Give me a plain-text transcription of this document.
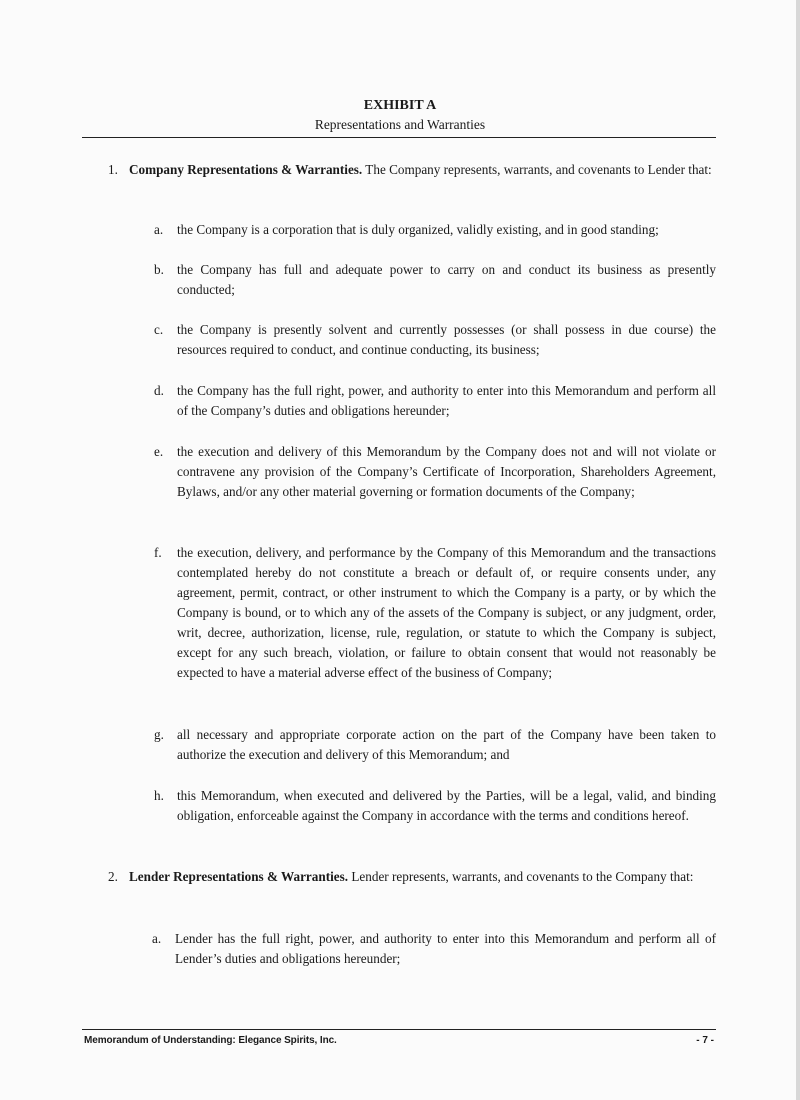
EXHIBIT A
Representations and Warranties
1. Company Representations & Warranties. The Company represents, warrants, and covenants to Lender that:
a. the Company is a corporation that is duly organized, validly existing, and in good standing;
b. the Company has full and adequate power to carry on and conduct its business as presently conducted;
c. the Company is presently solvent and currently possesses (or shall possess in due course) the resources required to conduct, and continue conducting, its business;
d. the Company has the full right, power, and authority to enter into this Memorandum and perform all of the Company’s duties and obligations hereunder;
e. the execution and delivery of this Memorandum by the Company does not and will not violate or contravene any provision of the Company’s Certificate of Incorporation, Shareholders Agreement, Bylaws, and/or any other material governing or formation documents of the Company;
f. the execution, delivery, and performance by the Company of this Memorandum and the transactions contemplated hereby do not constitute a breach or default of, or require consents under, any agreement, permit, contract, or other instrument to which the Company is a party, or by which the Company is bound, or to which any of the assets of the Company is subject, or any judgment, order, writ, decree, authorization, license, rule, regulation, or statute to which the Company is subject, except for any such breach, violation, or failure to obtain consent that would not reasonably be expected to have a material adverse effect of the business of Company;
g. all necessary and appropriate corporate action on the part of the Company have been taken to authorize the execution and delivery of this Memorandum; and
h. this Memorandum, when executed and delivered by the Parties, will be a legal, valid, and binding obligation, enforceable against the Company in accordance with the terms and conditions hereof.
2. Lender Representations & Warranties. Lender represents, warrants, and covenants to the Company that:
a. Lender has the full right, power, and authority to enter into this Memorandum and perform all of Lender’s duties and obligations hereunder;
Memorandum of Understanding: Elegance Spirits, Inc.	- 7 -
